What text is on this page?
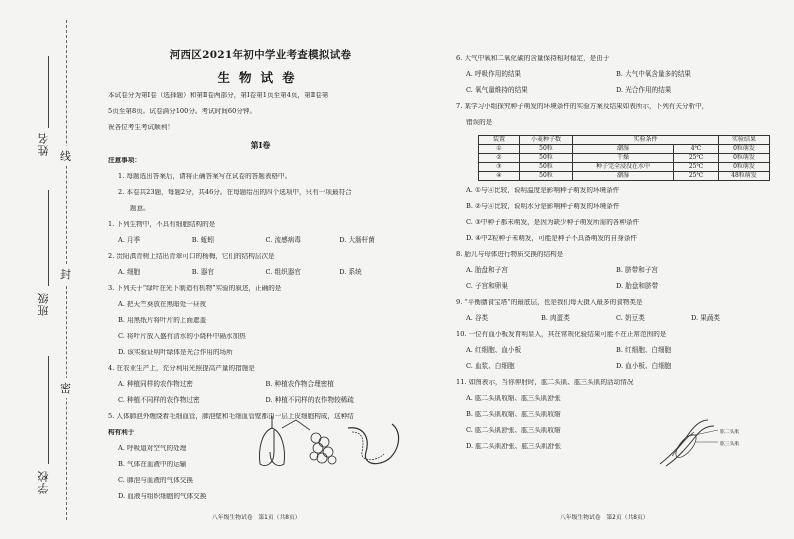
姓名
班级
学校
线
封
密
河西区2021年初中学业考查模拟试卷
生物试卷
本试卷分为第Ⅰ卷（选择题）和第Ⅱ卷两部分，第Ⅰ卷第1页至第4页，第Ⅱ卷第
5页至第8页。试卷满分100分。考试时间60分钟。
祝各位考生考试顺利！
第Ⅰ卷
注意事项：
1. 每题选出答案后，请将正确答案写在试卷的答题表格中。
2. 本卷共23题，每题2分，共46分。在每题给出的四个选项中，只有一项最符合
题意。
1. 下列生物中，不具有细胞结构的是
A. 月季	B. 蚯蚓	C. 流感病毒	D. 大肠杆菌
2. 贵阳滇青树上结出青翠可口的杨梅，它们的结构层次是
A. 细胞	B. 器官	C. 组织器官	D. 系统
3. 下列关于“绿叶在光下制造有机物”实验的叙述，正确的是
A. 把天竺葵放在黑暗处一昼夜
B. 用黑纸片将叶片的上面遮盖
C. 将叶片放入盛有清水的小烧杯中隔水加热
D. 该实验证明叶绿体是光合作用的场所
4. 在农业生产上，充分利用光照提高产量的措施是
A. 种植同样的农作物过密	B. 种植农作物合理密植
C. 种植不同样的农作物过密	D. 种植不同样的农作物较稀疏
5. 人体肺泡外缠绕着毛细血管，肺泡壁和毛细血管壁都由一层上皮细胞构成，这种结
构有利于
A. 呼吸道对空气的处理
B. 气体在血液中的运输
C. 肺泡与血液的气体交换
D. 血液与组织细胞的气体交换
八年级生物试卷　第1页（共8页）
6. 大气中氧和二氧化碳的含量保持相对稳定，是由于
A. 呼吸作用的结果	B. 大气中氧含量多的结果
C. 氧气量维持的结果	D. 光合作用的结果
7. 某学习小组探究种子萌发的环境条件的实验方案及结果如表所示，下列有关分析中，
错误的是
装置	小麦种子数	实验条件		实验结果
①	50粒	潮湿	4℃	0粒萌发
②	50粒	干燥	25℃	0粒萌发
③	50粒	种子完全浸没在水中	25℃	0粒萌发
④	50粒	潮湿	25℃	48粒萌发
A. ①与④比较，说明温度是影响种子萌发的环境条件
B. ②与④比较，说明水分是影响种子萌发的环境条件
C. ③中种子都未萌发，是因为缺少种子萌发所需的各种条件
D. ④中2粒种子未萌发，可能是种子不具备萌发的自身条件
8. 胎儿与母体进行物质交换的结构是
A. 胎盘和子宫	B. 脐带和子宫
C. 子宫和卵巢	D. 胎盘和脐带
9. “平衡膳食宝塔”的最底层，也是我们每天摄入最多的食物类是
A. 谷类	B. 肉蛋类	C. 奶豆类	D. 果蔬类
10. 一位有血小板发育明显人，其在常规化验结果可能不在正常范围的是
A. 红细胞、血小板	B. 红细胞、白细胞
C. 血浆、白细胞	D. 血小板、白细胞
11. 如图表示，当你伸肘时，肱二头肌、肱三头肌的活动情况
A. 肱二头肌收缩、肱三头肌舒张
B. 肱二头肌收缩、肱三头肌收缩
C. 肱二头肌舒张、肱三头肌收缩
D. 肱二头肌舒张、肱三头肌舒张
肱二头肌
肱三头肌
八年级生物试卷　第2页（共8页）
